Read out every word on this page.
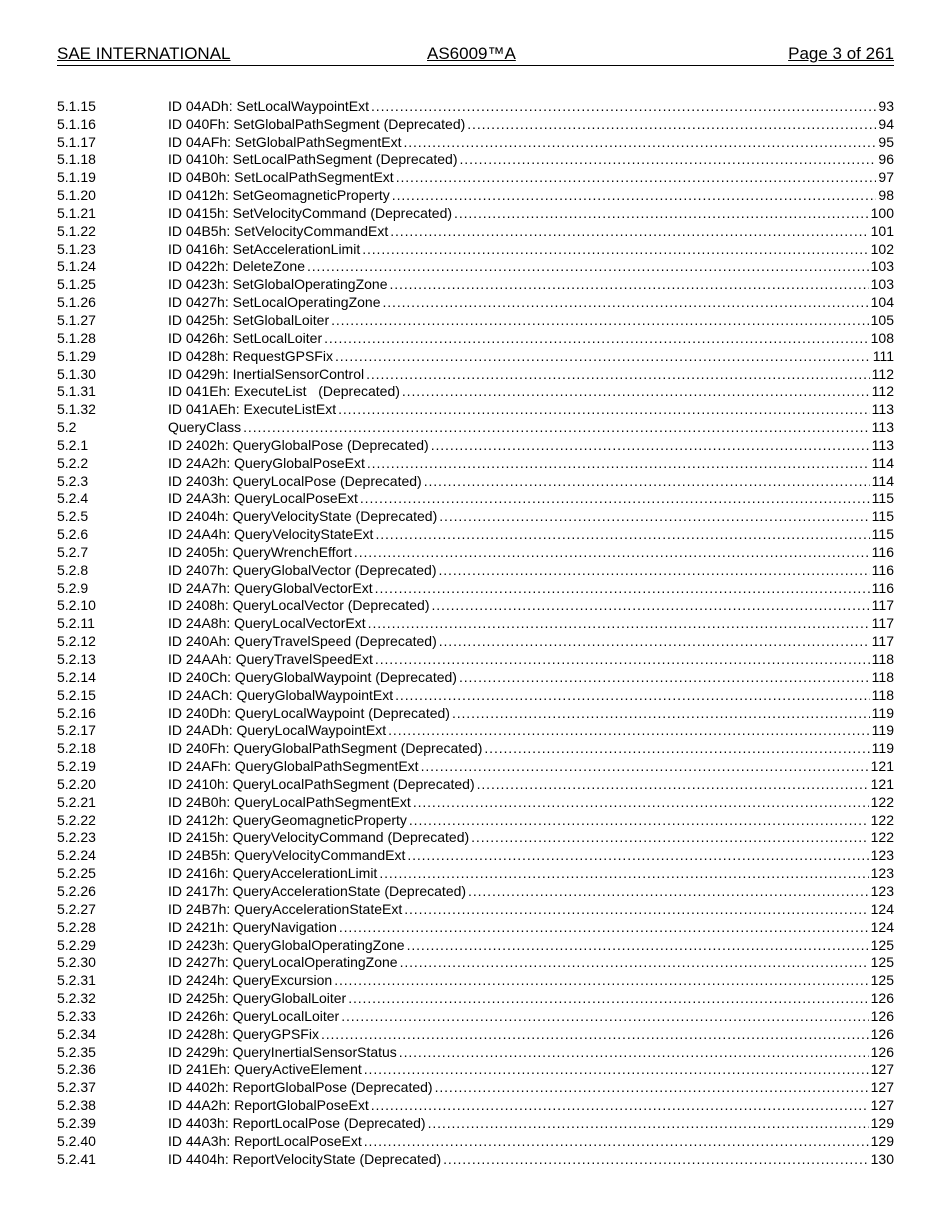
SAE INTERNATIONAL	AS6009™A	Page 3 of 261
5.1.15	ID 04ADh: SetLocalWaypointExt . . .	93
5.1.16	ID 040Fh: SetGlobalPathSegment (Deprecated) . . .	94
5.1.17	ID 04AFh: SetGlobalPathSegmentExt . . .	95
5.1.18	ID 0410h: SetLocalPathSegment (Deprecated) . . .	96
5.1.19	ID 04B0h: SetLocalPathSegmentExt . . .	97
5.1.20	ID 0412h: SetGeomagneticProperty . . .	98
5.1.21	ID 0415h: SetVelocityCommand (Deprecated) . . .	100
5.1.22	ID 04B5h: SetVelocityCommandExt . . .	101
5.1.23	ID 0416h: SetAccelerationLimit . . .	102
5.1.24	ID 0422h: DeleteZone . . .	103
5.1.25	ID 0423h: SetGlobalOperatingZone . . .	103
5.1.26	ID 0427h: SetLocalOperatingZone . . .	104
5.1.27	ID 0425h: SetGlobalLoiter . . .	105
5.1.28	ID 0426h: SetLocalLoiter . . .	108
5.1.29	ID 0428h: RequestGPSFix . . .	111
5.1.30	ID 0429h: InertialSensorControl . . .	112
5.1.31	ID 041Eh: ExecuteList   (Deprecated) . . .	112
5.1.32	ID 041AEh: ExecuteListExt . . .	113
5.2	QueryClass . . .	113
5.2.1	ID 2402h: QueryGlobalPose (Deprecated) . . .	113
5.2.2	ID 24A2h: QueryGlobalPoseExt . . .	114
5.2.3	ID 2403h: QueryLocalPose (Deprecated) . . .	114
5.2.4	ID 24A3h: QueryLocalPoseExt . . .	115
5.2.5	ID 2404h: QueryVelocityState (Deprecated) . . .	115
5.2.6	ID 24A4h: QueryVelocityStateExt . . .	115
5.2.7	ID 2405h: QueryWrenchEffort . . .	116
5.2.8	ID 2407h: QueryGlobalVector (Deprecated) . . .	116
5.2.9	ID 24A7h: QueryGlobalVectorExt . . .	116
5.2.10	ID 2408h: QueryLocalVector (Deprecated) . . .	117
5.2.11	ID 24A8h: QueryLocalVectorExt . . .	117
5.2.12	ID 240Ah: QueryTravelSpeed (Deprecated) . . .	117
5.2.13	ID 24AAh: QueryTravelSpeedExt . . .	118
5.2.14	ID 240Ch: QueryGlobalWaypoint (Deprecated) . . .	118
5.2.15	ID 24ACh: QueryGlobalWaypointExt . . .	118
5.2.16	ID 240Dh: QueryLocalWaypoint (Deprecated) . . .	119
5.2.17	ID 24ADh: QueryLocalWaypointExt . . .	119
5.2.18	ID 240Fh: QueryGlobalPathSegment (Deprecated) . . .	119
5.2.19	ID 24AFh: QueryGlobalPathSegmentExt . . .	121
5.2.20	ID 2410h: QueryLocalPathSegment (Deprecated) . . .	121
5.2.21	ID 24B0h: QueryLocalPathSegmentExt . . .	122
5.2.22	ID 2412h: QueryGeomagneticProperty . . .	122
5.2.23	ID 2415h: QueryVelocityCommand (Deprecated) . . .	122
5.2.24	ID 24B5h: QueryVelocityCommandExt . . .	123
5.2.25	ID 2416h: QueryAccelerationLimit . . .	123
5.2.26	ID 2417h: QueryAccelerationState (Deprecated) . . .	123
5.2.27	ID 24B7h: QueryAccelerationStateExt . . .	124
5.2.28	ID 2421h: QueryNavigation . . .	124
5.2.29	ID 2423h: QueryGlobalOperatingZone . . .	125
5.2.30	ID 2427h: QueryLocalOperatingZone . . .	125
5.2.31	ID 2424h: QueryExcursion . . .	125
5.2.32	ID 2425h: QueryGlobalLoiter . . .	126
5.2.33	ID 2426h: QueryLocalLoiter . . .	126
5.2.34	ID 2428h: QueryGPSFix . . .	126
5.2.35	ID 2429h: QueryInertialSensorStatus . . .	126
5.2.36	ID 241Eh: QueryActiveElement . . .	127
5.2.37	ID 4402h: ReportGlobalPose (Deprecated) . . .	127
5.2.38	ID 44A2h: ReportGlobalPoseExt . . .	127
5.2.39	ID 4403h: ReportLocalPose (Deprecated) . . .	129
5.2.40	ID 44A3h: ReportLocalPoseExt . . .	129
5.2.41	ID 4404h: ReportVelocityState (Deprecated) . . .	130
